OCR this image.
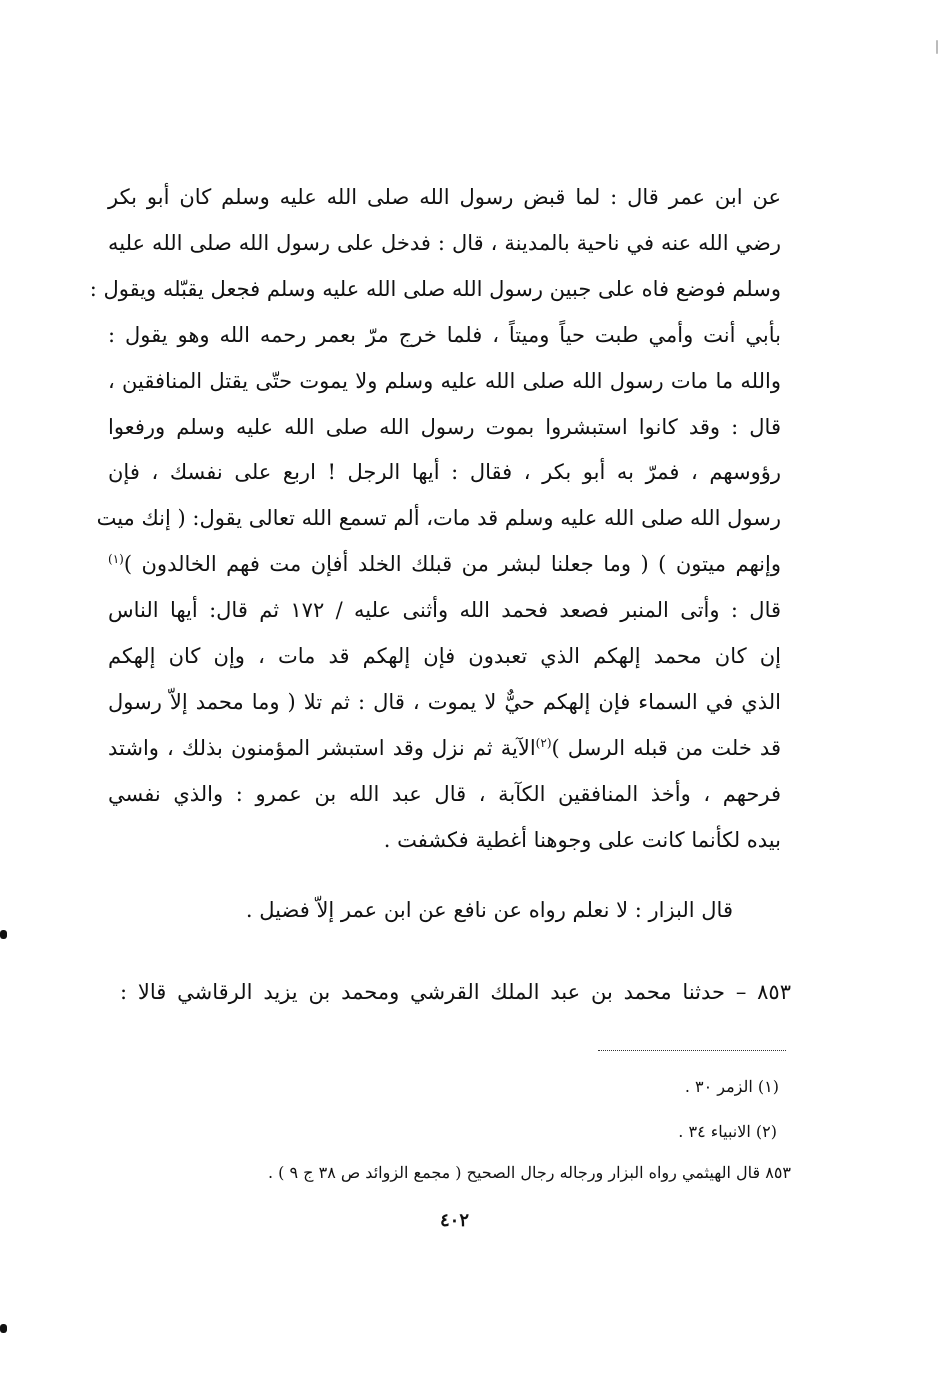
عن ابن عمر قال : لما قبض رسول الله صلى الله عليه وسلم كان أبو بكر
رضي الله عنه في ناحية بالمدينة ، قال : فدخل على رسول الله صلى الله عليه
وسلم فوضع فاه على جبين رسول الله صلى الله عليه وسلم فجعل يقبّله ويقول :
بأبي أنت وأمي طبت حياً وميتاً ، فلما خرج مرّ بعمر رحمه الله وهو يقول :
والله ما مات رسول الله صلى الله عليه وسلم ولا يموت حتّى يقتل المنافقين ،
قال : وقد كانوا استبشروا بموت رسول الله صلى الله عليه وسلم ورفعوا
رؤوسهم ، فمرّ به أبو بكر ، فقال : أيها الرجل ! اربع على نفسك ، فإن
رسول الله صلى الله عليه وسلم قد مات، ألم تسمع الله تعالى يقول: ( إنك ميت
وإنهم ميتون ) ( وما جعلنا لبشر من قبلك الخلد أفإن مت فهم الخالدون )$^{(١)}$
قال : وأتى المنبر فصعد فحمد الله وأثنى عليه / ١٧٢ ثم قال: أيها الناس
إن كان محمد إلهكم الذي تعبدون فإن إلهكم قد مات ، وإن كان إلهكم
الذي في السماء فإن إلهكم حيٌّ لا يموت ، قال : ثم تلا ( وما محمد إلاّ رسول
قد خلت من قبله الرسل )$^{(٢)}$الآية ثم نزل وقد استبشر المؤمنون بذلك ، واشتد
فرحهم ، وأخذ المنافقين الكآبة ، قال عبد الله بن عمرو : والذي نفسي
بيده لكأنما كانت على وجوهنا أغطية فكشفت .
قال البزار : لا نعلم رواه عن نافع عن ابن عمر إلاّ فضيل .
٨٥٣ – حدثنا محمد بن عبد الملك القرشي ومحمد بن يزيد الرقاشي قالا :
(١) الزمر ٣٠ .
(٢) الانبياء ٣٤ .
٨٥٣ قال الهيثمي رواه البزار ورجاله رجال الصحيح ( مجمع الزوائد ص ٣٨ ج ٩ ) .
٤٠٢
